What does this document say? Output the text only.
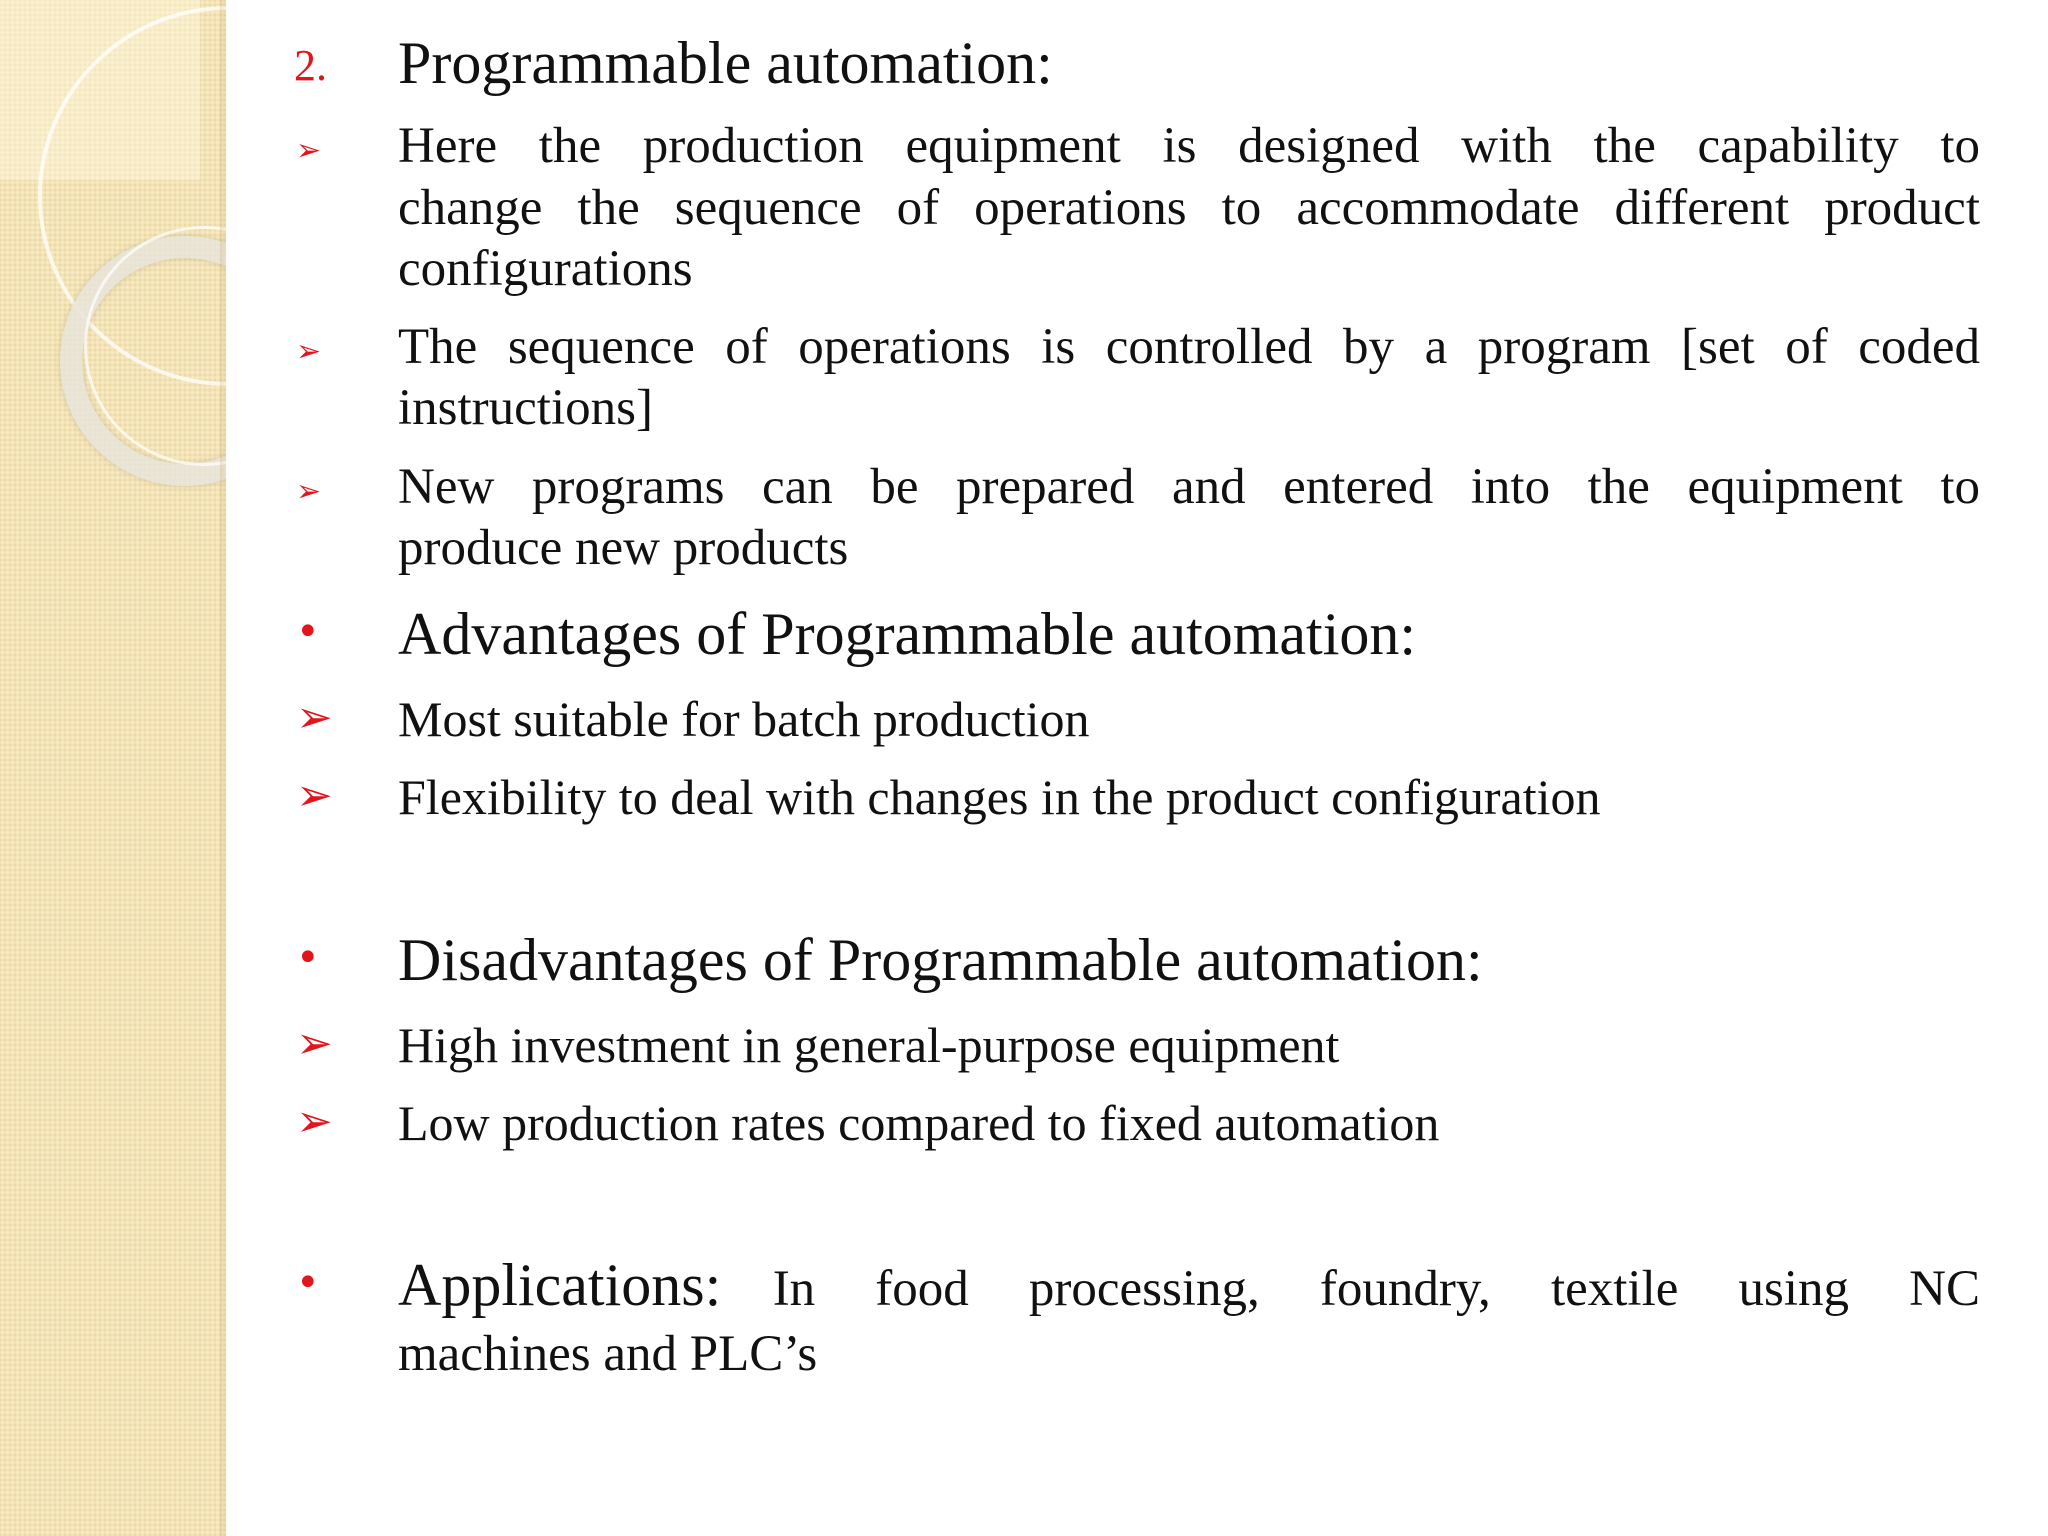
2. Programmable automation:

➢ Here the production equipment is designed with the capability to

change the sequence of operations to accommodate different product

configurations

➢ The sequence of operations is controlled by a program [set of coded

instructions]

➢ New programs can be prepared and entered into the equipment to

produce new products

• Advantages of Programmable automation:

➢ Most suitable for batch production

➢ Flexibility to deal with changes in the product configuration

• Disadvantages of Programmable automation:

➢ High investment in general-purpose equipment

➢ Low production rates compared to fixed automation

• Applications: In food processing, foundry, textile using NC

machines and PLC’s
